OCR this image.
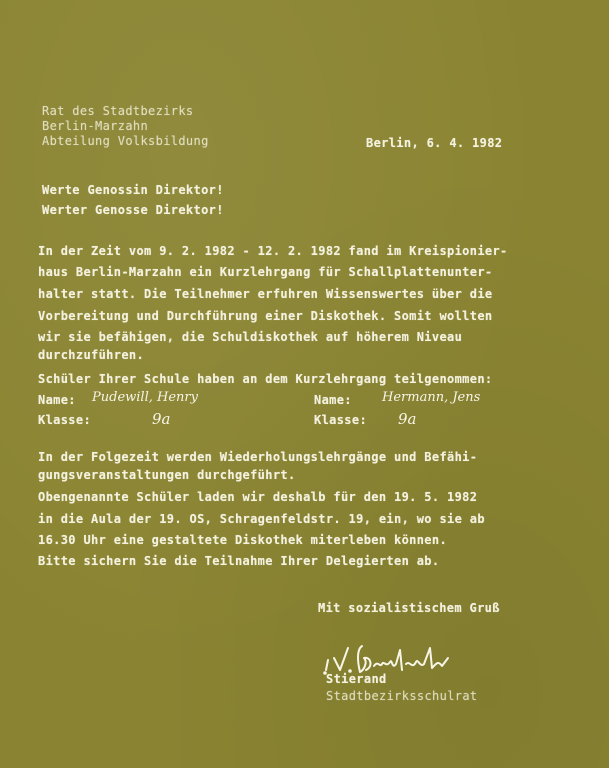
Rat des Stadtbezirks
Berlin-Marzahn
Abteilung Volksbildung	Berlin, 6. 4. 1982
Werte Genossin Direktor!
Werter Genosse Direktor!
In der Zeit vom 9. 2. 1982 - 12. 2. 1982 fand im Kreispionier-
haus Berlin-Marzahn ein Kurzlehrgang für Schallplattenunter-
halter statt. Die Teilnehmer erfuhren Wissenswertes über die
Vorbereitung und Durchführung einer Diskothek. Somit wollten
wir sie befähigen, die Schuldiskothek auf höherem Niveau
durchzuführen.
Schüler Ihrer Schule haben an dem Kurzlehrgang teilgenommen:
Name: Pudewill, Henry	Name: Hermann, Jens
Klasse:	9a	Klasse: 9a
In der Folgezeit werden Wiederholungslehrgänge und Befähi-
gungsveranstaltungen durchgeführt.
Obengenannte Schüler laden wir deshalb für den 19. 5. 1982
in die Aula der 19. OS, Schragenfeldstr. 19, ein, wo sie ab
16.30 Uhr eine gestaltete Diskothek miterleben können.
Bitte sichern Sie die Teilnahme Ihrer Delegierten ab.
Mit sozialistischem Gruß
Stierand
Stadtbezirksschulrat
